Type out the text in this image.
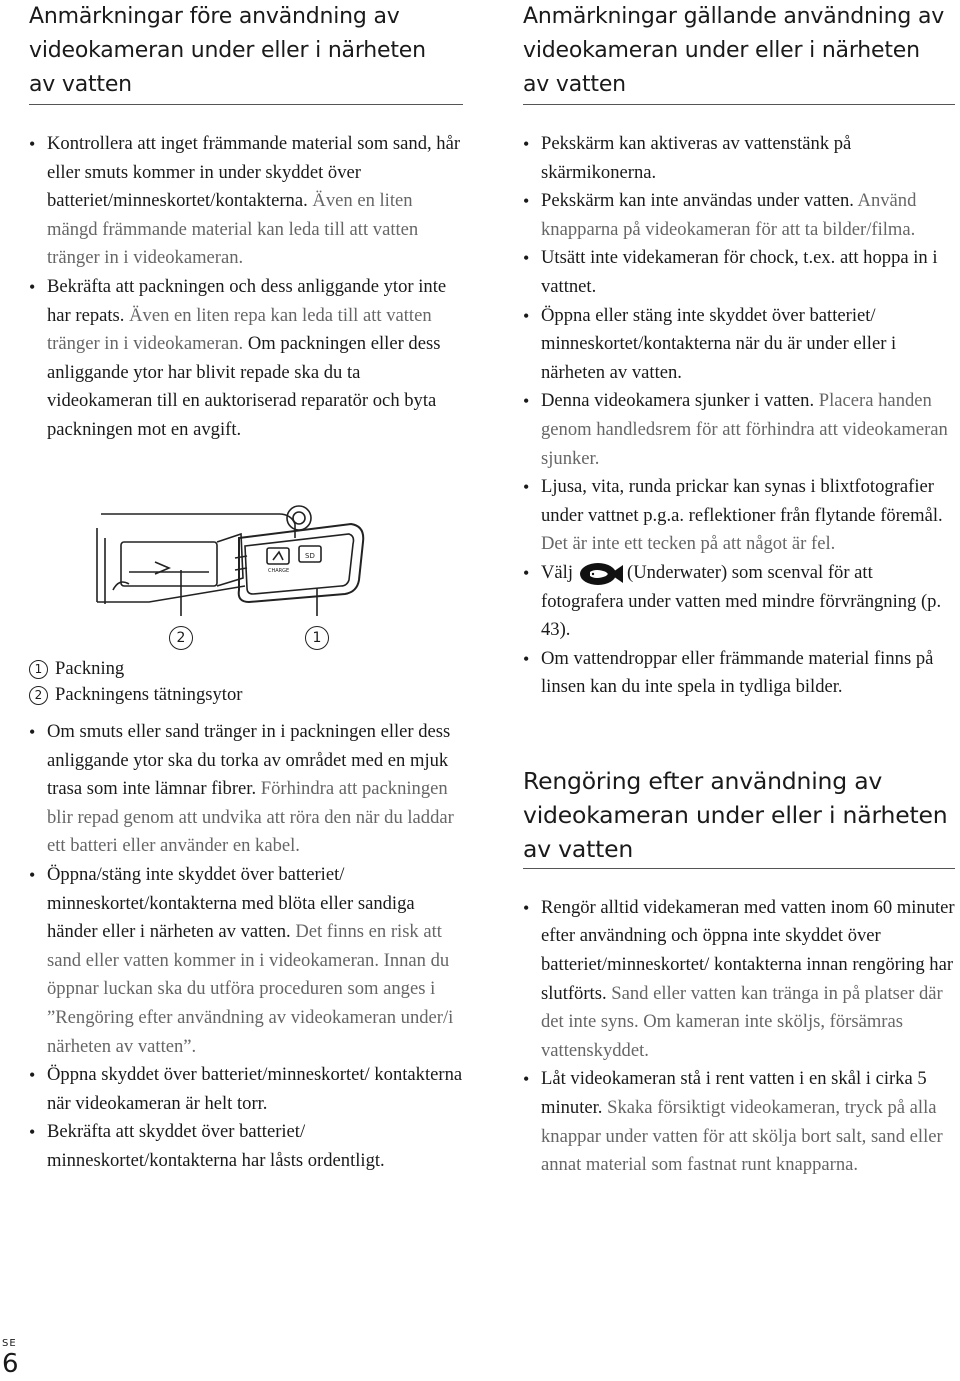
Anmärkningar före användning av videokameran under eller i närheten av vatten
• Kontrollera att inget främmande material som sand, hår eller smuts kommer in under skyddet över batteriet/minneskortet/kontakterna. Även en liten mängd främmande material kan leda till att vatten tränger in i videokameran.
• Bekräfta att packningen och dess anliggande ytor inte har repats. Även en liten repa kan leda till att vatten tränger in i videokameran. Om packningen eller dess anliggande ytor har blivit repade ska du ta videokameran till en auktoriserad reparatör och byta packningen mot en avgift.
SD
CHARGE
2	1
1 Packning
2 Packningens tätningsytor
• Om smuts eller sand tränger in i packningen eller dess anliggande ytor ska du torka av området med en mjuk trasa som inte lämnar fibrer. Förhindra att packningen blir repad genom att undvika att röra den när du laddar ett batteri eller använder en kabel.
• Öppna/stäng inte skyddet över batteriet/ minneskortet/kontakterna med blöta eller sandiga händer eller i närheten av vatten. Det finns en risk att sand eller vatten kommer in i videokameran. Innan du öppnar luckan ska du utföra proceduren som anges i ”Rengöring efter användning av videokameran under/i närheten av vatten”.
• Öppna skyddet över batteriet/minneskortet/ kontakterna när videokameran är helt torr.
• Bekräfta att skyddet över batteriet/ minneskortet/kontakterna har låsts ordentligt.
Anmärkningar gällande användning av videokameran under eller i närheten av vatten
• Pekskärm kan aktiveras av vattenstänk på skärmikonerna.
• Pekskärm kan inte användas under vatten. Använd knapparna på videokameran för att ta bilder/filma.
• Utsätt inte videkameran för chock, t.ex. att hoppa in i vattnet.
• Öppna eller stäng inte skyddet över batteriet/ minneskortet/kontakterna när du är under eller i närheten av vatten.
• Denna videokamera sjunker i vatten. Placera handen genom handledsrem för att förhindra att videokameran sjunker.
• Ljusa, vita, runda prickar kan synas i blixtfotografier under vattnet p.g.a. reflektioner från flytande föremål. Det är inte ett tecken på att något är fel.
• Välj	(Underwater) som scenval för att fotografera under vatten med mindre förvrängning (p. 43).
• Om vattendroppar eller främmande material finns på linsen kan du inte spela in tydliga bilder.
Rengöring efter användning av videokameran under eller i närheten av vatten
• Rengör alltid videkameran med vatten inom 60 minuter efter användning och öppna inte skyddet över batteriet/minneskortet/ kontakterna innan rengöring har slutförts. Sand eller vatten kan tränga in på platser där det inte syns. Om kameran inte sköljs, försämras vattenskyddet.
• Låt videokameran stå i rent vatten i en skål i cirka 5 minuter. Skaka försiktigt videokameran, tryck på alla knappar under vatten för att skölja bort salt, sand eller annat material som fastnat runt knapparna.
SE
6
